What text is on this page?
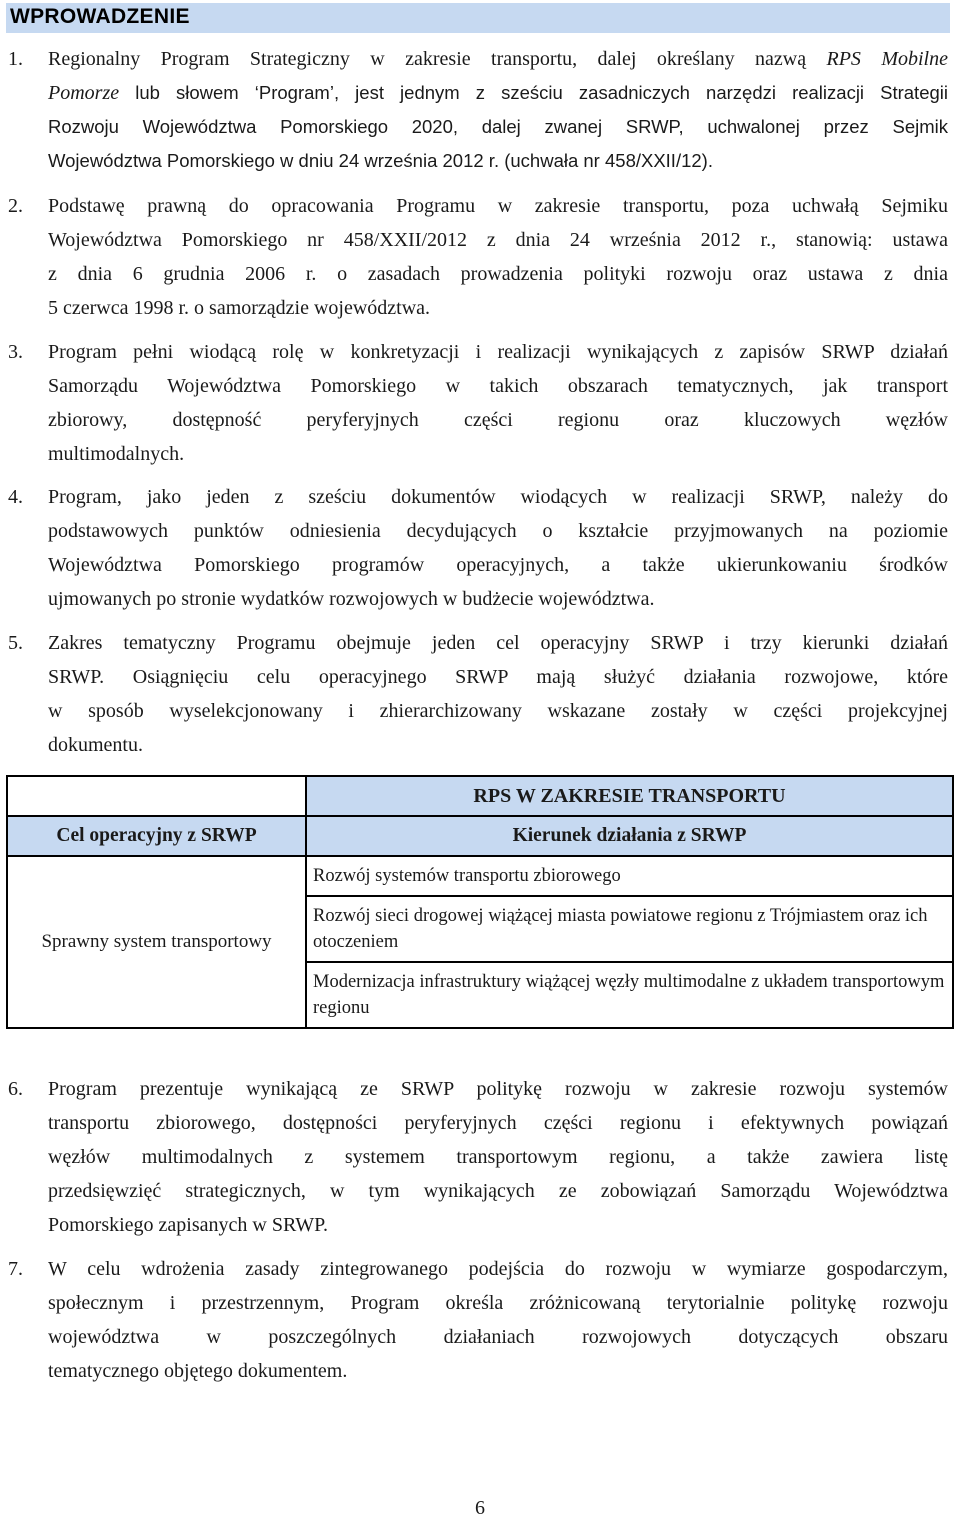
WPROWADZENIE
1. Regionalny Program Strategiczny w zakresie transportu, dalej określany nazwą RPS Mobilne
Pomorze lub słowem ‘Program’, jest jednym z sześciu zasadniczych narzędzi realizacji Strategii
Rozwoju Województwa Pomorskiego 2020, dalej zwanej SRWP, uchwalonej przez Sejmik
Województwa Pomorskiego w dniu 24 września 2012 r. (uchwała nr 458/XXII/12).
2. Podstawę prawną do opracowania Programu w zakresie transportu, poza uchwałą Sejmiku
Województwa Pomorskiego nr 458/XXII/2012 z dnia 24 września 2012 r., stanowią: ustawa
z dnia 6 grudnia 2006 r. o zasadach prowadzenia polityki rozwoju oraz ustawa z dnia
5 czerwca 1998 r. o samorządzie województwa.
3. Program pełni wiodącą rolę w konkretyzacji i realizacji wynikających z zapisów SRWP działań
Samorządu Województwa Pomorskiego w takich obszarach tematycznych, jak transport
zbiorowy, dostępność peryferyjnych części regionu oraz kluczowych węzłów
multimodalnych.
4. Program, jako jeden z sześciu dokumentów wiodących w realizacji SRWP, należy do
podstawowych punktów odniesienia decydujących o kształcie przyjmowanych na poziomie
Województwa Pomorskiego programów operacyjnych, a także ukierunkowaniu środków
ujmowanych po stronie wydatków rozwojowych w budżecie województwa.
5. Zakres tematyczny Programu obejmuje jeden cel operacyjny SRWP i trzy kierunki działań
SRWP. Osiągnięciu celu operacyjnego SRWP mają służyć działania rozwojowe, które
w sposób wyselekcjonowany i zhierarchizowany wskazane zostały w części projekcyjnej
dokumentu.
	RPS W ZAKRESIE TRANSPORTU
Cel operacyjny z SRWP	Kierunek działania z SRWP
Sprawny system transportowy	Rozwój systemów transportu zbiorowego
	Rozwój sieci drogowej wiążącej miasta powiatowe regionu z Trójmiastem oraz ich otoczeniem
	Modernizacja infrastruktury wiążącej węzły multimodalne z układem transportowym regionu
6. Program prezentuje wynikającą ze SRWP politykę rozwoju w zakresie rozwoju systemów
transportu zbiorowego, dostępności peryferyjnych części regionu i efektywnych powiązań
węzłów multimodalnych z systemem transportowym regionu, a także zawiera listę
przedsięwzięć strategicznych, w tym wynikających ze zobowiązań Samorządu Województwa
Pomorskiego zapisanych w SRWP.
7. W celu wdrożenia zasady zintegrowanego podejścia do rozwoju w wymiarze gospodarczym,
społecznym i przestrzennym, Program określa zróżnicowaną terytorialnie politykę rozwoju
województwa w poszczególnych działaniach rozwojowych dotyczących obszaru
tematycznego objętego dokumentem.
6
